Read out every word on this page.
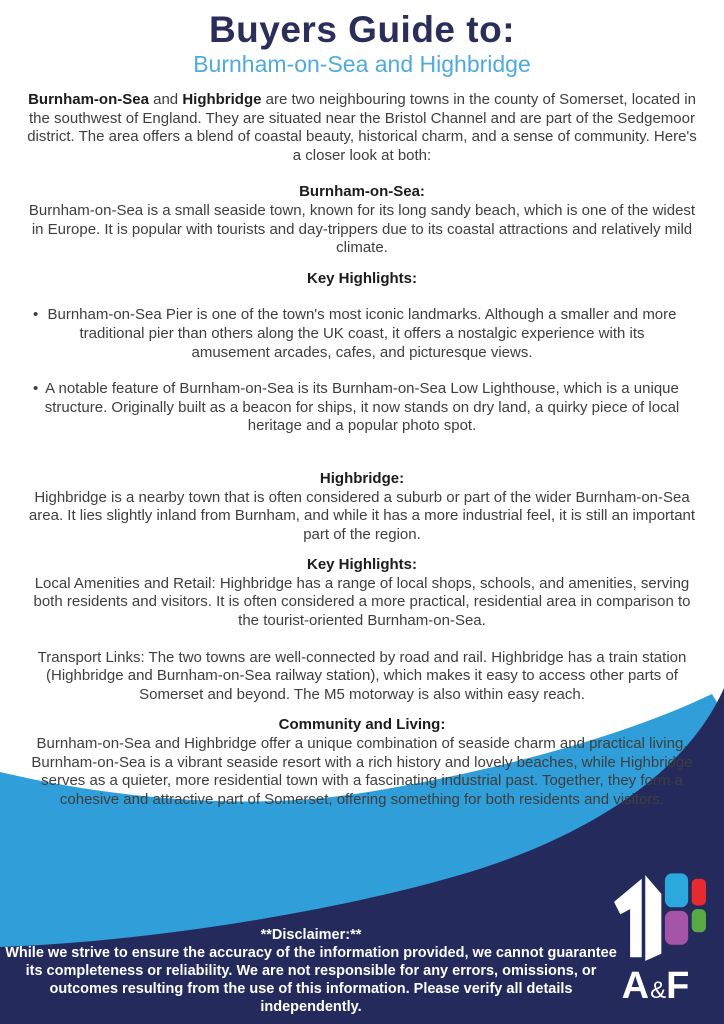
Buyers Guide to:
Burnham-on-Sea and Highbridge

Burnham-on-Sea and Highbridge are two neighbouring towns in the county of Somerset, located in the southwest of England. They are situated near the Bristol Channel and are part of the Sedgemoor district. The area offers a blend of coastal beauty, historical charm, and a sense of community. Here's a closer look at both:

Burnham-on-Sea:

Burnham-on-Sea is a small seaside town, known for its long sandy beach, which is one of the widest in Europe. It is popular with tourists and day-trippers due to its coastal attractions and relatively mild climate.

Key Highlights:

• Burnham-on-Sea Pier is one of the town's most iconic landmarks. Although a smaller and more traditional pier than others along the UK coast, it offers a nostalgic experience with its amusement arcades, cafes, and picturesque views.
• A notable feature of Burnham-on-Sea is its Burnham-on-Sea Low Lighthouse, which is a unique structure. Originally built as a beacon for ships, it now stands on dry land, a quirky piece of local heritage and a popular photo spot.

Highbridge:

Highbridge is a nearby town that is often considered a suburb or part of the wider Burnham-on-Sea area. It lies slightly inland from Burnham, and while it has a more industrial feel, it is still an important part of the region.

Key Highlights:

Local Amenities and Retail: Highbridge has a range of local shops, schools, and amenities, serving both residents and visitors. It is often considered a more practical, residential area in comparison to the tourist-oriented Burnham-on-Sea.

Transport Links: The two towns are well-connected by road and rail. Highbridge has a train station (Highbridge and Burnham-on-Sea railway station), which makes it easy to access other parts of Somerset and beyond. The M5 motorway is also within easy reach.

Community and Living:

Burnham-on-Sea and Highbridge offer a unique combination of seaside charm and practical living. Burnham-on-Sea is a vibrant seaside resort with a rich history and lovely beaches, while Highbridge serves as a quieter, more residential town with a fascinating industrial past. Together, they form a cohesive and attractive part of Somerset, offering something for both residents and visitors.

**Disclaimer:**

While we strive to ensure the accuracy of the information provided, we cannot guarantee its completeness or reliability. We are not responsible for any errors, omissions, or outcomes resulting from the use of this information. Please verify all details independently.	A&F
